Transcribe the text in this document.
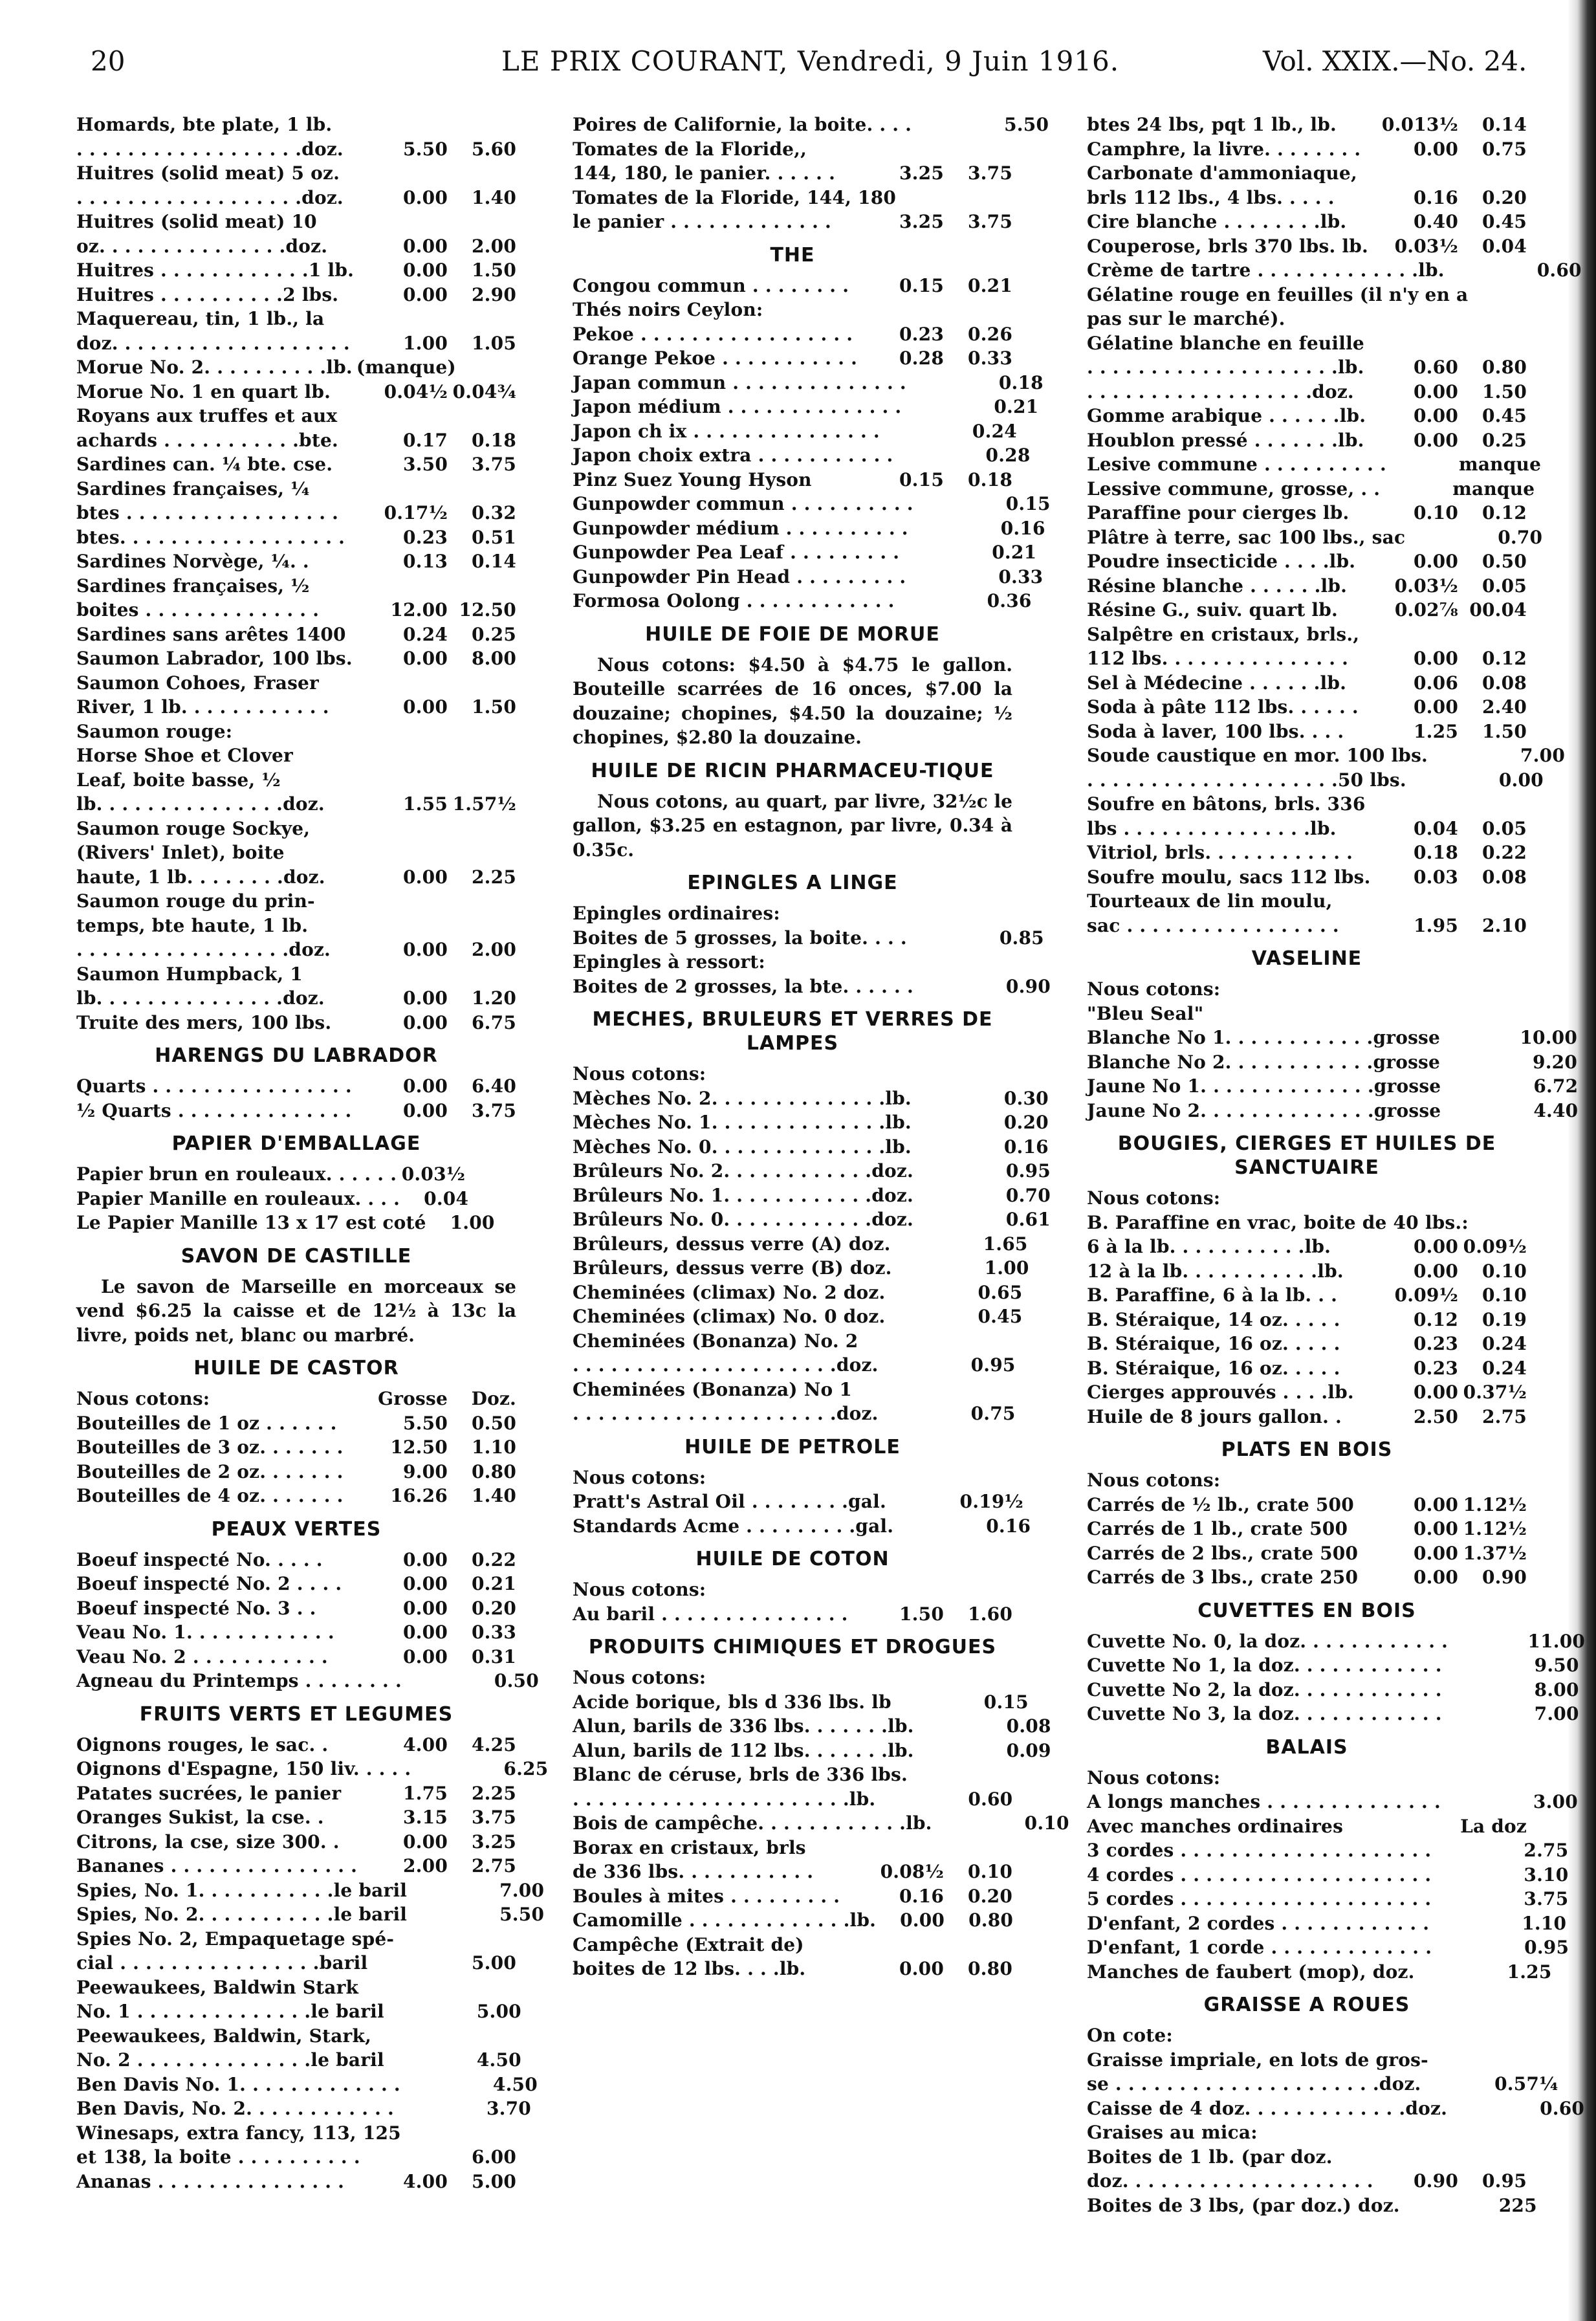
20	LE PRIX COURANT, Vendredi, 9 Juin 1916.	Vol. XXIX.—No. 24.
Homards, bte plate, 1 lb.
. . . . . . . . . . . . . . . . . .doz.	5.50	5.60
Huitres (solid meat) 5 oz.
. . . . . . . . . . . . . . . . . .doz.	0.00	1.40
Huitres (solid meat) 10
oz. . . . . . . . . . . . . . .doz.	0.00	2.00
Huitres . . . . . . . . . . . .1 lb.	0.00	1.50
Huitres . . . . . . . . . .2 lbs.	0.00	2.90
Maquereau, tin, 1 lb., la
doz. . . . . . . . . . . . . . . . . . .	1.00	1.05
Morue No. 2. . . . . . . . . .lb. (manque)
Morue No. 1 en quart lb.	0.04½ 0.04¾
Royans aux truffes et aux
achards . . . . . . . . . . .bte.	0.17	0.18
Sardines can. ¼ bte. cse.	3.50	3.75
Sardines françaises, ¼
btes . . . . . . . . . . . . . . . . .	0.17½	0.32
btes. . . . . . . . . . . . . . . . . .	0.23	0.51
Sardines Norvège, ¼. .	0.13	0.14
Sardines françaises, ½
boites . . . . . . . . . . . . . .	12.00 12.50
Sardines sans arêtes 1400	0.24	0.25
Saumon Labrador, 100 lbs.	0.00	8.00
Saumon Cohoes, Fraser
River, 1 lb. . . . . . . . . . . .	0.00	1.50
Saumon rouge:
Horse Shoe et Clover
Leaf, boite basse, ½
lb. . . . . . . . . . . . . . .doz.	1.55 1.57½
Saumon rouge Sockye,
(Rivers' Inlet), boite
haute, 1 lb. . . . . . . .doz.	0.00	2.25
Saumon rouge du prin-
temps, bte haute, 1 lb.
. . . . . . . . . . . . . . . . .doz.	0.00	2.00
Saumon Humpback, 1
lb. . . . . . . . . . . . . . .doz.	0.00	1.20
Truite des mers, 100 lbs.	0.00	6.75
HARENGS DU LABRADOR
Quarts . . . . . . . . . . . . . . . .	0.00	6.40
½ Quarts . . . . . . . . . . . . . .	0.00	3.75
PAPIER D'EMBALLAGE
Papier brun en rouleaux. . . . . . 0.03½
Papier Manille en rouleaux. . . .	0.04
Le Papier Manille 13 x 17 est coté	1.00
SAVON DE CASTILLE

Le savon de Marseille en morceaux se vend $6.25 la caisse et de 12½ à 13c la livre, poids net, blanc ou marbré.

HUILE DE CASTOR
Nous cotons:	Grosse	Doz.
Bouteilles de 1 oz . . . . . .	5.50	0.50
Bouteilles de 3 oz. . . . . . .	12.50	1.10
Bouteilles de 2 oz. . . . . . .	9.00	0.80
Bouteilles de 4 oz. . . . . . .	16.26	1.40
PEAUX VERTES
Boeuf inspecté No. . . . .	0.00	0.22
Boeuf inspecté No. 2 . . . .	0.00	0.21
Boeuf inspecté No. 3 . .	0.00	0.20
Veau No. 1. . . . . . . . . . . .	0.00	0.33
Veau No. 2 . . . . . . . . . . .	0.00	0.31
Agneau du Printemps . . . . . . . .	0.50
FRUITS VERTS ET LEGUMES
Oignons rouges, le sac. .	4.00	4.25
Oignons d'Espagne, 150 liv. . . . .	6.25
Patates sucrées, le panier	1.75	2.25
Oranges Sukist, la cse. .	3.15	3.75
Citrons, la cse, size 300. .	0.00	3.25
Bananes . . . . . . . . . . . . . . .	2.00	2.75
Spies, No. 1. . . . . . . . . . .le baril	7.00
Spies, No. 2. . . . . . . . . . .le baril	5.50
Spies No. 2, Empaquetage spé-
cial . . . . . . . . . . . . . . . .baril	5.00
Peewaukees, Baldwin Stark
No. 1 . . . . . . . . . . . . . .le baril	5.00
Peewaukees, Baldwin, Stark,
No. 2 . . . . . . . . . . . . . .le baril	4.50
Ben Davis No. 1. . . . . . . . . . . . .	4.50
Ben Davis, No. 2. . . . . . . . . . . .	3.70
Winesaps, extra fancy, 113, 125
et 138, la boite . . . . . . . . . .	6.00
Ananas . . . . . . . . . . . . . . .	4.00	5.00
Poires de Californie, la boite. . . .	5.50
Tomates de la Floride,,
144, 180, le panier. . . . . .	3.25	3.75
Tomates de la Floride, 144, 180
le panier . . . . . . . . . . . . .	3.25	3.75
THE
Congou commun . . . . . . . .	0.15	0.21
Thés noirs Ceylon:
Pekoe . . . . . . . . . . . . . . . . .	0.23	0.26
Orange Pekoe . . . . . . . . . . .	0.28	0.33
Japan commun . . . . . . . . . . . . . .	0.18
Japon médium . . . . . . . . . . . . . .	0.21
Japon ch ix . . . . . . . . . . . . . . .	0.24
Japon choix extra . . . . . . . . . . .	0.28
Pinz Suez Young Hyson	0.15	0.18
Gunpowder commun . . . . . . . . . .	0.15
Gunpowder médium . . . . . . . . . .	0.16
Gunpowder Pea Leaf . . . . . . . . .	0.21
Gunpowder Pin Head . . . . . . . . .	0.33
Formosa Oolong . . . . . . . . . . . .	0.36
HUILE DE FOIE DE MORUE

Nous cotons: $4.50 à $4.75 le gallon. Bouteille scarrées de 16 onces, $7.00 la douzaine; chopines, $4.50 la douzaine; ½ chopines, $2.80 la douzaine.

HUILE DE RICIN PHARMACEU-TIQUE

Nous cotons, au quart, par livre, 32½c le gallon, $3.25 en estagnon, par livre, 0.34 à 0.35c.

EPINGLES A LINGE
Epingles ordinaires:
Boites de 5 grosses, la boite. . . .	0.85
Epingles à ressort:
Boites de 2 grosses, la bte. . . . . .	0.90
MECHES, BRULEURS ET VERRES DE LAMPES
Nous cotons:
Mèches No. 2. . . . . . . . . . . . . .lb.	0.30
Mèches No. 1. . . . . . . . . . . . . .lb.	0.20
Mèches No. 0. . . . . . . . . . . . . .lb.	0.16
Brûleurs No. 2. . . . . . . . . . . .doz.	0.95
Brûleurs No. 1. . . . . . . . . . . .doz.	0.70
Brûleurs No. 0. . . . . . . . . . . .doz.	0.61
Brûleurs, dessus verre (A) doz.	1.65
Brûleurs, dessus verre (B) doz.	1.00
Cheminées (climax) No. 2 doz.	0.65
Cheminées (climax) No. 0 doz.	0.45
Cheminées (Bonanza) No. 2
. . . . . . . . . . . . . . . . . . . . .doz.	0.95
Cheminées (Bonanza) No 1
. . . . . . . . . . . . . . . . . . . . .doz.	0.75
HUILE DE PETROLE
Nous cotons:
Pratt's Astral Oil . . . . . . . .gal.	0.19½
Standards Acme . . . . . . . . .gal.	0.16
HUILE DE COTON
Nous cotons:
Au baril . . . . . . . . . . . . . . .	1.50	1.60
PRODUITS CHIMIQUES ET DROGUES
Nous cotons:
Acide borique, bls d 336 lbs. lb	0.15
Alun, barils de 336 lbs. . . . . . .lb.	0.08
Alun, barils de 112 lbs. . . . . . .lb.	0.09
Blanc de céruse, brls de 336 lbs.
. . . . . . . . . . . . . . . . . . . . . .lb.	0.60
Bois de campêche. . . . . . . . . . . .lb.	0.10
Borax en cristaux, brls
de 336 lbs. . . . . . . . . . .	0.08½	0.10
Boules à mites . . . . . . . . .	0.16	0.20
Camomille . . . . . . . . . . . . .lb.	0.00	0.80
Campêche (Extrait de)
boites de 12 lbs. . . .lb.	0.00	0.80
btes 24 lbs, pqt 1 lb., lb.	0.013½	0.14
Camphre, la livre. . . . . . . .	0.00	0.75
Carbonate d'ammoniaque,
brls 112 lbs., 4 lbs. . . . .	0.16	0.20
Cire blanche . . . . . . . .lb.	0.40	0.45
Couperose, brls 370 lbs. lb.	0.03½	0.04
Crème de tartre . . . . . . . . . . . . .lb.	0.60
Gélatine rouge en feuilles (il n'y en a
pas sur le marché).
Gélatine blanche en feuille
. . . . . . . . . . . . . . . . . . . .lb.	0.60	0.80
. . . . . . . . . . . . . . . . . .doz.	0.00	1.50
Gomme arabique . . . . . .lb.	0.00	0.45
Houblon pressé . . . . . . .lb.	0.00	0.25
Lesive commune . . . . . . . . . .	manque
Lessive commune, grosse, . .	manque
Paraffine pour cierges lb.	0.10	0.12
Plâtre à terre, sac 100 lbs., sac	0.70
Poudre insecticide . . . .lb.	0.00	0.50
Résine blanche . . . . . .lb.	0.03½	0.05
Résine G., suiv. quart lb.	0.02⅞ 00.04
Salpêtre en cristaux, brls.,
112 lbs. . . . . . . . . . . . . . .	0.00	0.12
Sel à Médecine . . . . . .lb.	0.06	0.08
Soda à pâte 112 lbs. . . . . .	0.00	2.40
Soda à laver, 100 lbs. . . .	1.25	1.50
Soude caustique en mor. 100 lbs.	7.00
. . . . . . . . . . . . . . . . . . . .50 lbs.	0.00
Soufre en bâtons, brls. 336
lbs . . . . . . . . . . . . . . .lb.	0.04	0.05
Vitriol, brls. . . . . . . . . . . .	0.18	0.22
Soufre moulu, sacs 112 lbs.	0.03	0.08
Tourteaux de lin moulu,
sac . . . . . . . . . . . . . . . . .	1.95	2.10
VASELINE
Nous cotons:
"Bleu Seal"
Blanche No 1. . . . . . . . . . . .grosse	10.00
Blanche No 2. . . . . . . . . . . .grosse	9.20
Jaune No 1. . . . . . . . . . . . . .grosse	6.72
Jaune No 2. . . . . . . . . . . . . .grosse	4.40
BOUGIES, CIERGES ET HUILES DE SANCTUAIRE
Nous cotons:
B. Paraffine en vrac, boite de 40 lbs.:
6 à la lb. . . . . . . . . . .lb.	0.00 0.09½
12 à la lb. . . . . . . . . . .lb.	0.00	0.10
B. Paraffine, 6 à la lb. . .	0.09½	0.10
B. Stéraique, 14 oz. . . . .	0.12	0.19
B. Stéraique, 16 oz. . . . .	0.23	0.24
B. Stéraique, 16 oz. . . . .	0.23	0.24
Cierges approuvés . . . .lb.	0.00 0.37½
Huile de 8 jours gallon. .	2.50	2.75
PLATS EN BOIS
Nous cotons:
Carrés de ½ lb., crate 500	0.00 1.12½
Carrés de 1 lb., crate 500	0.00 1.12½
Carrés de 2 lbs., crate 500	0.00 1.37½
Carrés de 3 lbs., crate 250	0.00	0.90
CUVETTES EN BOIS
Cuvette No. 0, la doz. . . . . . . . . . . .	11.00
Cuvette No 1, la doz. . . . . . . . . . . .	9.50
Cuvette No 2, la doz. . . . . . . . . . . .	8.00
Cuvette No 3, la doz. . . . . . . . . . . .	7.00
BALAIS
Nous cotons:
A longs manches . . . . . . . . . . . . . .	3.00
Avec manches ordinaires	La doz
3 cordes . . . . . . . . . . . . . . . . . . . .	2.75
4 cordes . . . . . . . . . . . . . . . . . . . .	3.10
5 cordes . . . . . . . . . . . . . . . . . . . .	3.75
D'enfant, 2 cordes . . . . . . . . . . . .	1.10
D'enfant, 1 corde . . . . . . . . . . . . .	0.95
Manches de faubert (mop), doz.	1.25
GRAISSE A ROUES
On cote:
Graisse impriale, en lots de gros-
se . . . . . . . . . . . . . . . . . . . . .doz.	0.57¼
Caisse de 4 doz. . . . . . . . . . . . .doz.	0.60
Graises au mica:
Boites de 1 lb. (par doz.
doz. . . . . . . . . . . . . . . . . . . .	0.90	0.95
Boites de 3 lbs, (par doz.) doz.	225
